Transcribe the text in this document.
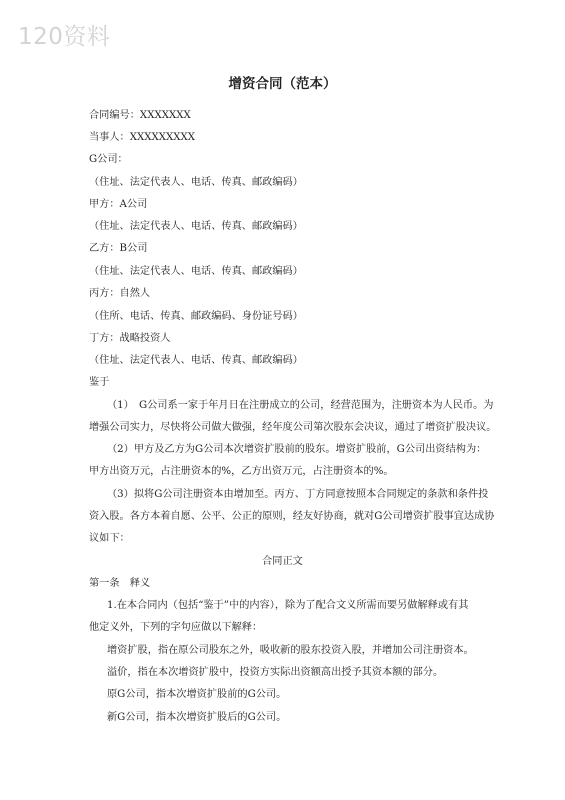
120资料
增资合同（范本）
合同编号：XXXXXXX
当事人：XXXXXXXXX
G公司：
（住址、法定代表人、电话、传真、邮政编码）
甲方：A公司
（住址、法定代表人、电话、传真、邮政编码）
乙方：B公司
（住址、法定代表人、电话、传真、邮政编码）
丙方：自然人
（住所、电话、传真、邮政编码、身份证号码）
丁方：战略投资人
（住址、法定代表人、电话、传真、邮政编码）
鉴于
（1）　G公司系一家于年月日在注册成立的公司，经营范围为，注册资本为人民币。为
增强公司实力，尽快将公司做大做强，经年度公司第次股东会决议，通过了增资扩股决议。
（2）甲方及乙方为G公司本次增资扩股前的股东。增资扩股前，G公司出资结构为：
甲方出资万元，占注册资本的%，乙方出资万元，占注册资本的%。
（3）拟将G公司注册资本由增加至。丙方、丁方同意按照本合同规定的条款和条件投
资入股。各方本着自愿、公平、公正的原则，经友好协商，就对G公司增资扩股事宜达成协
议如下：
合同正文
第一条　释义
1.在本合同内（包括“鉴于”中的内容），除为了配合文义所需而要另做解释或有其
他定义外，下列的字句应做以下解释：
增资扩股，指在原公司股东之外，吸收新的股东投资入股，并增加公司注册资本。
溢价，指在本次增资扩股中，投资方实际出资额高出授予其资本额的部分。
原G公司，指本次增资扩股前的G公司。
新G公司，指本次增资扩股后的G公司。
